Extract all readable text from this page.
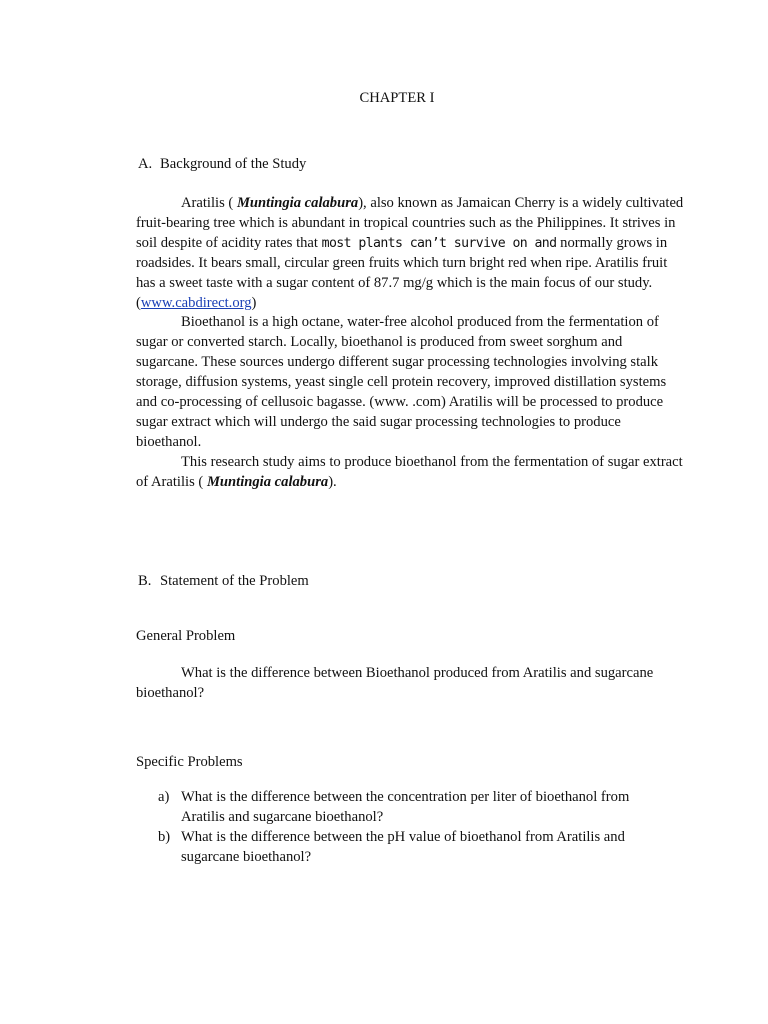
CHAPTER I
A. Background of the Study

Aratilis ( Muntingia calabura), also known as Jamaican Cherry is a widely cultivated fruit-bearing tree which is abundant in tropical countries such as the Philippines. It strives in soil despite of acidity rates that most plants can’t survive on and normally grows in roadsides. It bears small, circular green fruits which turn bright red when ripe. Aratilis fruit has a sweet taste with a sugar content of 87.7 mg/g which is the main focus of our study. (www.cabdirect.org)

Bioethanol is a high octane, water-free alcohol produced from the fermentation of sugar or converted starch. Locally, bioethanol is produced from sweet sorghum and sugarcane. These sources undergo different sugar processing technologies involving stalk storage, diffusion systems, yeast single cell protein recovery, improved distillation systems and co-processing of cellusoic bagasse. (www. .com) Aratilis will be processed to produce sugar extract which will undergo the said sugar processing technologies to produce bioethanol.

This research study aims to produce bioethanol from the fermentation of sugar extract of Aratilis ( Muntingia calabura).

B. Statement of the Problem
General Problem

What is the difference between Bioethanol produced from Aratilis and sugarcane bioethanol?

Specific Problems
a) What is the difference between the concentration per liter of bioethanol from Aratilis and sugarcane bioethanol?
b) What is the difference between the pH value of bioethanol from Aratilis and sugarcane bioethanol?
